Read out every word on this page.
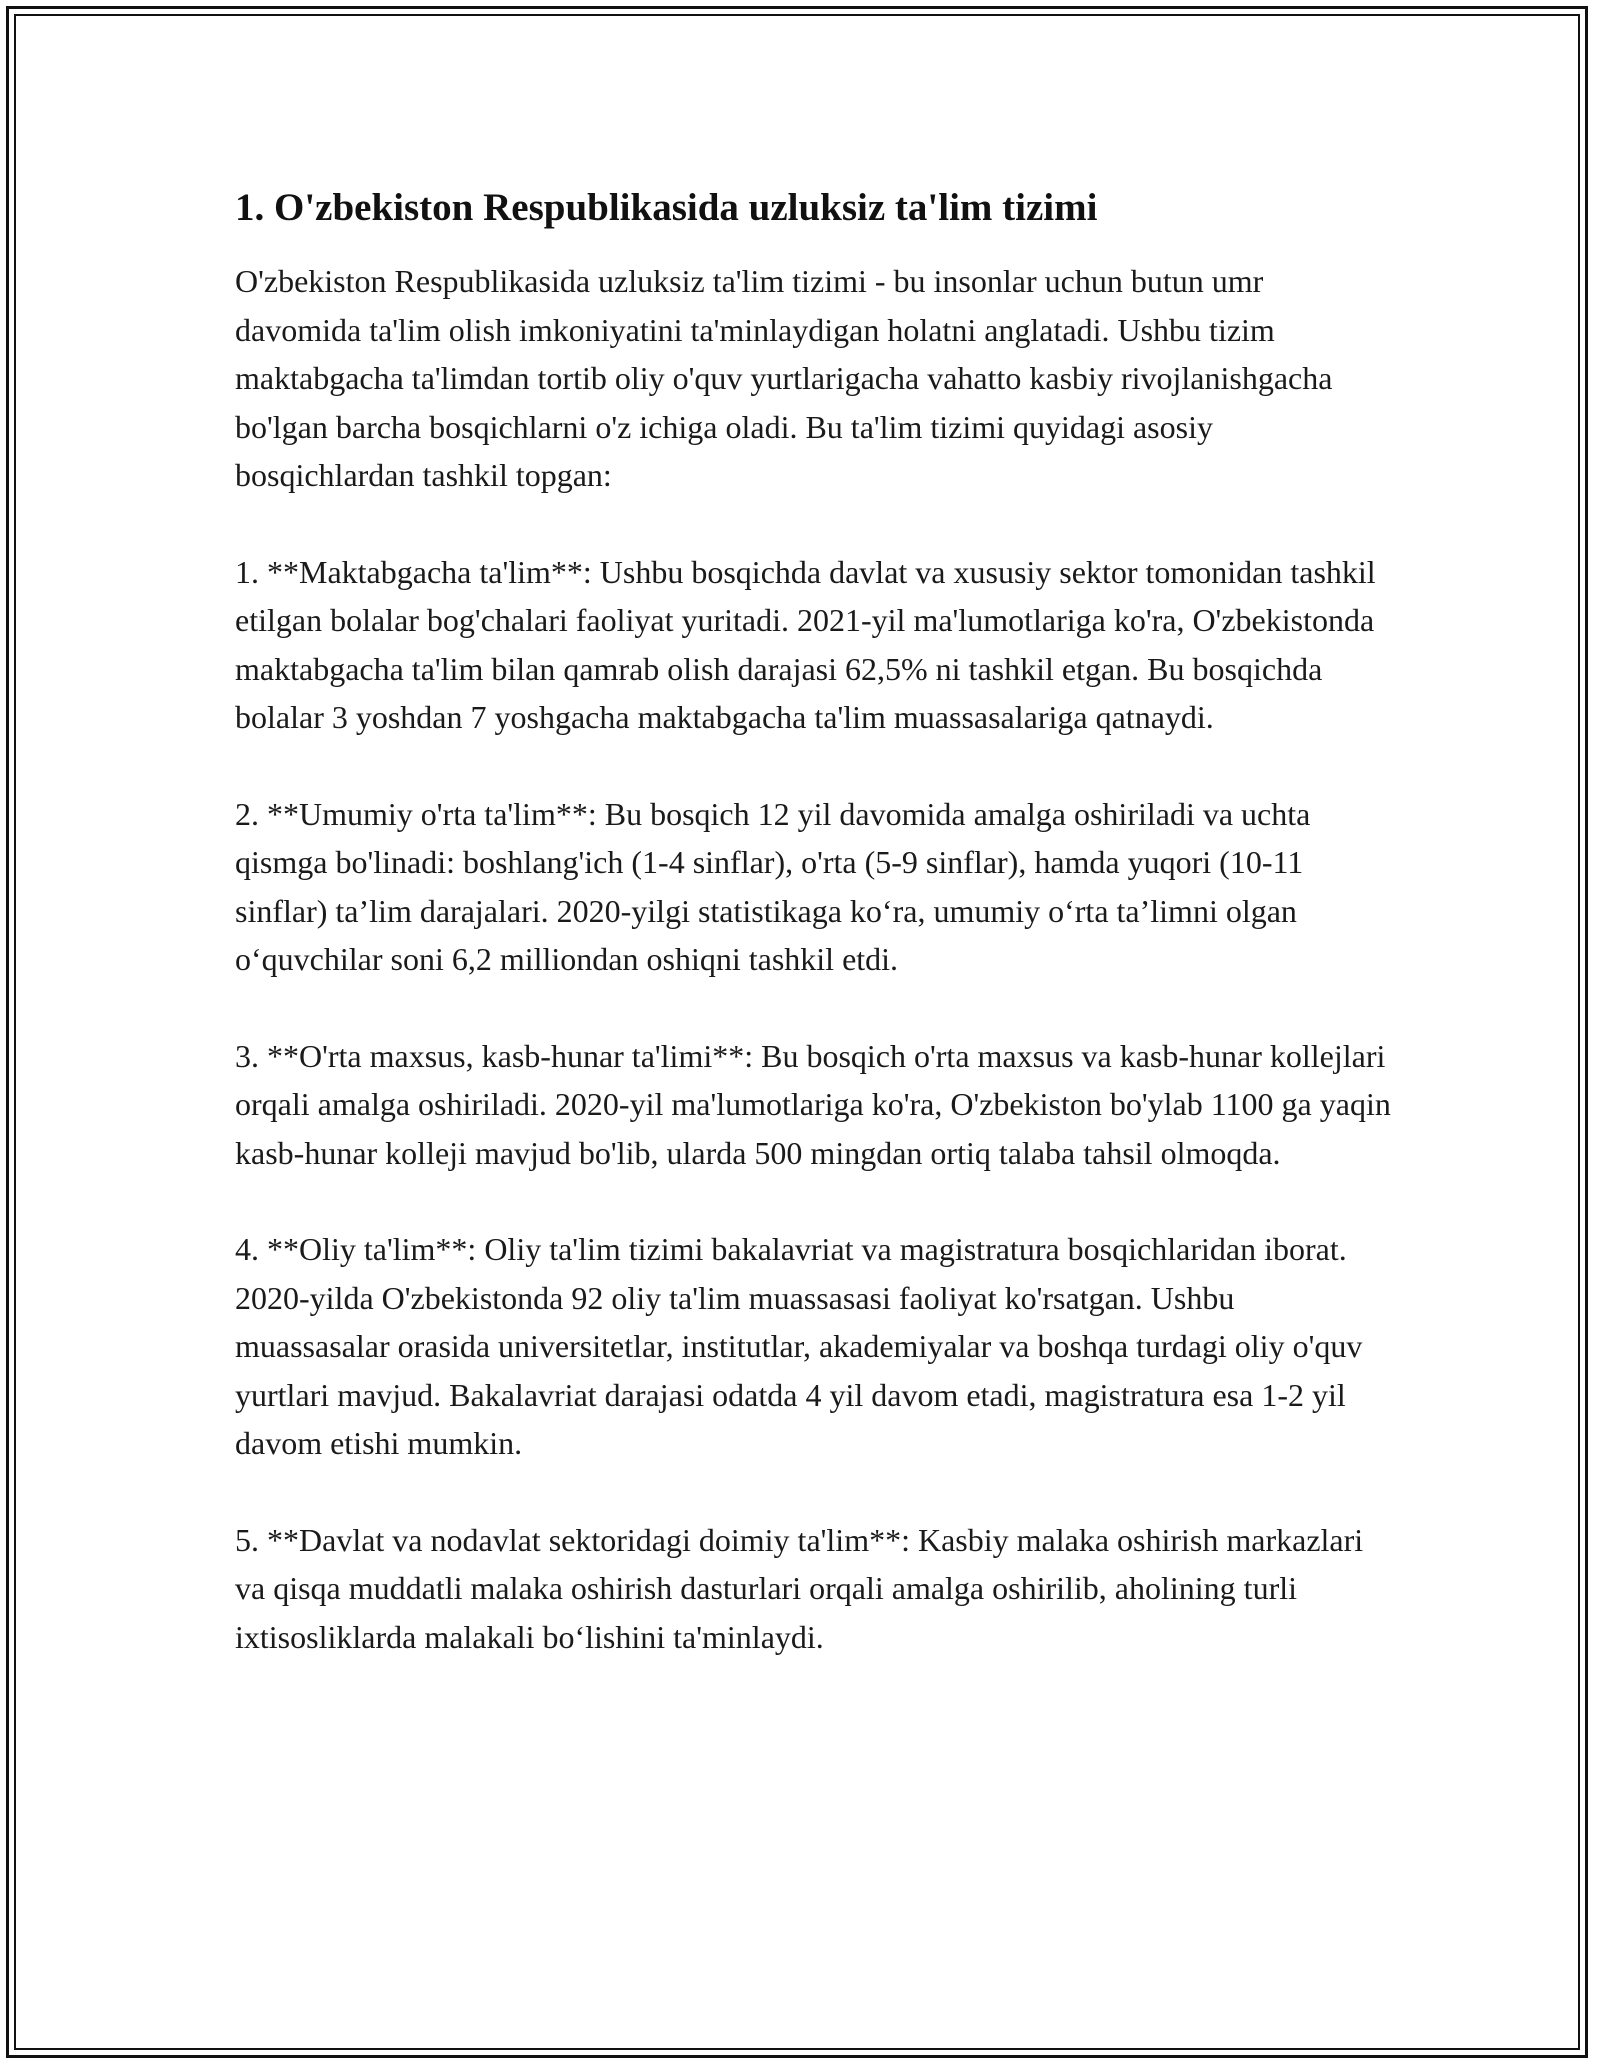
1. O'zbekiston Respublikasida uzluksiz ta'lim tizimi

O'zbekiston Respublikasida uzluksiz ta'lim tizimi - bu insonlar uchun butun umr davomida ta'lim olish imkoniyatini ta'minlaydigan holatni anglatadi. Ushbu tizim maktabgacha ta'limdan tortib oliy o'quv yurtlarigacha vahatto kasbiy rivojlanishgacha bo'lgan barcha bosqichlarni o'z ichiga oladi. Bu ta'lim tizimi quyidagi asosiy bosqichlardan tashkil topgan:

1. **Maktabgacha ta'lim**: Ushbu bosqichda davlat va xususiy sektor tomonidan tashkil etilgan bolalar bog'chalari faoliyat yuritadi. 2021-yil ma'lumotlariga ko'ra, O'zbekistonda maktabgacha ta'lim bilan qamrab olish darajasi 62,5% ni tashkil etgan. Bu bosqichda bolalar 3 yoshdan 7 yoshgacha maktabgacha ta'lim muassasalariga qatnaydi.

2. **Umumiy o'rta ta'lim**: Bu bosqich 12 yil davomida amalga oshiriladi va uchta qismga bo'linadi: boshlang'ich (1-4 sinflar), o'rta (5-9 sinflar), hamda yuqori (10-11 sinflar) ta’lim darajalari. 2020-yilgi statistikaga ko‘ra, umumiy o‘rta ta’limni olgan o‘quvchilar soni 6,2 milliondan oshiqni tashkil etdi.

3. **O'rta maxsus, kasb-hunar ta'limi**: Bu bosqich o'rta maxsus va kasb-hunar kollejlari orqali amalga oshiriladi. 2020-yil ma'lumotlariga ko'ra, O'zbekiston bo'ylab 1100 ga yaqin kasb-hunar kolleji mavjud bo'lib, ularda 500 mingdan ortiq talaba tahsil olmoqda.

4. **Oliy ta'lim**: Oliy ta'lim tizimi bakalavriat va magistratura bosqichlaridan iborat. 2020-yilda O'zbekistonda 92 oliy ta'lim muassasasi faoliyat ko'rsatgan. Ushbu muassasalar orasida universitetlar, institutlar, akademiyalar va boshqa turdagi oliy o'quv yurtlari mavjud. Bakalavriat darajasi odatda 4 yil davom etadi, magistratura esa 1-2 yil davom etishi mumkin.

5. **Davlat va nodavlat sektoridagi doimiy ta'lim**: Kasbiy malaka oshirish markazlari va qisqa muddatli malaka oshirish dasturlari orqali amalga oshirilib, aholining turli ixtisosliklarda malakali bo‘lishini ta'minlaydi.
